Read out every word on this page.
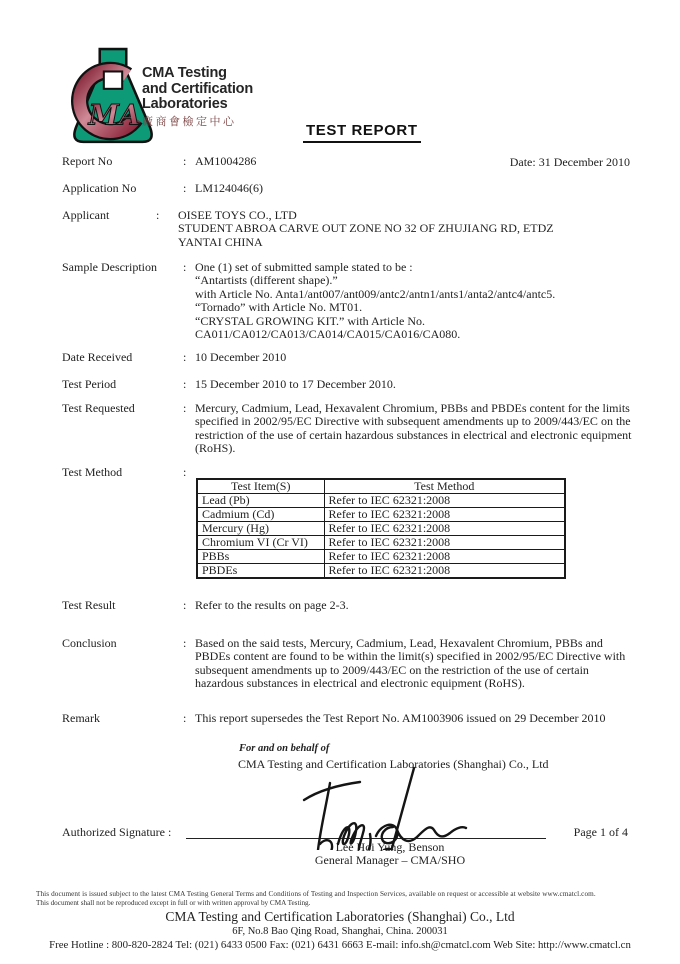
MA
CMA Testing
and Certification
Laboratories
廠商會檢定中心
TEST REPORT
Report No	: AM1004286	Date: 31 December 2010
Application No	: LM124046(6)
Applicant	:	OISEE TOYS CO., LTD
STUDENT ABROA CARVE OUT ZONE NO 32 OF ZHUJIANG RD, ETDZ
YANTAI CHINA
Sample Description	: One (1) set of submitted sample stated to be :
“Antartists (different shape).”
with Article No. Anta1/ant007/ant009/antc2/antn1/ants1/anta2/antc4/antc5.
“Tornado” with Article No. MT01.
“CRYSTAL GROWING KIT.” with Article No.
CA011/CA012/CA013/CA014/CA015/CA016/CA080.
Date Received	: 10 December 2010
Test Period	: 15 December 2010 to 17 December 2010.
Test Requested	: Mercury, Cadmium, Lead, Hexavalent Chromium, PBBs and PBDEs content for the limits specified in 2002/95/EC Directive with subsequent amendments up to 2009/443/EC on the restriction of the use of certain hazardous substances in electrical and electronic equipment (RoHS).
Test Method	:
Test Item(S)	Test Method
Lead (Pb)	Refer to IEC 62321:2008
Cadmium (Cd)	Refer to IEC 62321:2008
Mercury (Hg)	Refer to IEC 62321:2008
Chromium VI (Cr VI)	Refer to IEC 62321:2008
PBBs	Refer to IEC 62321:2008
PBDEs	Refer to IEC 62321:2008
Test Result	: Refer to the results on page 2-3.
Conclusion	: Based on the said tests, Mercury, Cadmium, Lead, Hexavalent Chromium, PBBs and PBDEs content are found to be within the limit(s) specified in 2002/95/EC Directive with subsequent amendments up to 2009/443/EC on the restriction of the use of certain hazardous substances in electrical and electronic equipment (RoHS).
Remark	: This report supersedes the Test Report No. AM1003906 issued on 29 December 2010
For and on behalf of
CMA Testing and Certification Laboratories (Shanghai) Co., Ltd
Authorized Signature :	Page 1 of 4
Lee Hoi Yung, Benson
General Manager – CMA/SHO
This document is issued subject to the latest CMA Testing General Terms and Conditions of Testing and Inspection Services, available on request or accessible at website www.cmatcl.com.
This document shall not be reproduced except in full or with written approval by CMA Testing.
CMA Testing and Certification Laboratories (Shanghai) Co., Ltd
6F, No.8 Bao Qing Road, Shanghai, China. 200031
Free Hotline : 800-820-2824 Tel: (021) 6433 0500 Fax: (021) 6431 6663 E-mail: info.sh@cmatcl.com Web Site: http://www.cmatcl.cn
